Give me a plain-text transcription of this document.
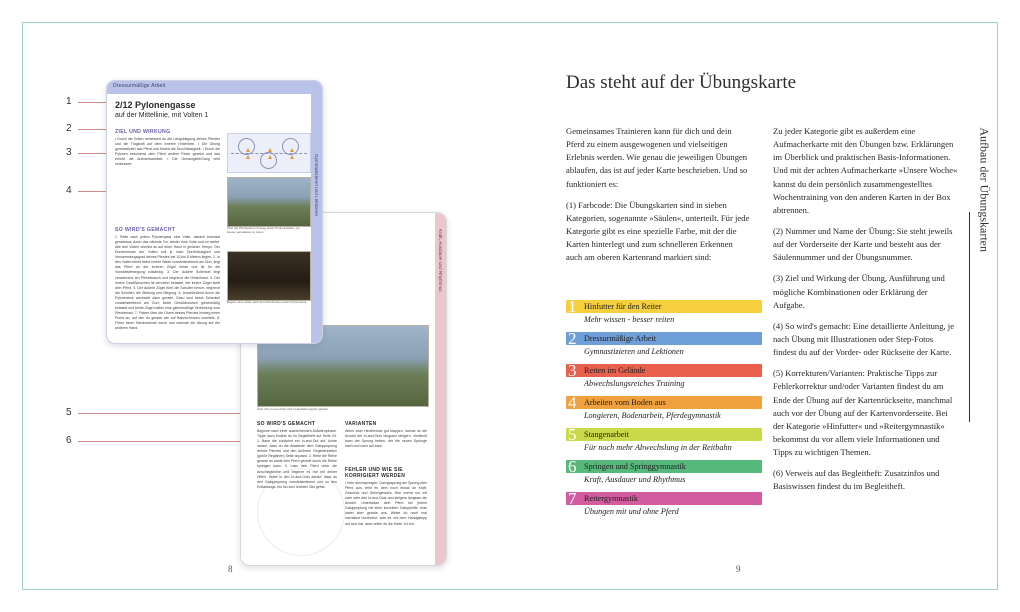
1
2
3
4
5
6
Kraft, Ausdauer und Rhythmus
Über den In-und-Outs wird im Entlastungssitz geritten.
SO WIRD'S GEMACHT
Beginne nach einer ausreichenden Aufwärmphase. Tippe dazu findest du im Begleitheft auf Seite 24. 1. Baue die zunächst ein In-and-Out auf. Achte darauf, dass du die Abstände dem Galoppsprung deines Pferdes und den äußeren Gegebenheiten (größe Reglänen) Seite anpasst. 2. Reite die Reihe gerade an damit dein Pferd gerade durch die Reihe springen kann. 3. Lass dein Pferd unter die Anschlagshöhe und beginne es nur mit deiner Hilfen. Setze in den In-and-Outs darauf, dass du den Galoppsprung vorwärtstreibend und so den Entlastungs- bis hin zum leichten Sitz gehst.
VARIANTEN
Wenn zwei Hindernisse gut klappen, kannst du die Anzahl der In-and-Outs langsam steigern. Vielleicht kann der Sprung heben, der die neuen Sprünge nach und nach auf baut.
FEHLER UND WIE SIE KORRIGIERT WERDEN
• Kein durchspringen: Galoppsprung am Sprung dein Pferd aus, fehlt es dem noch etwas an Kraft, Geschick und Gleichgewicht. Übe zuerst nur mit zwei oder drei In-and-Outs und steigere langsam die Anzahl. Unterstütze dein Pferd bei jedem Galoppsprung mit einer korrekten Galopphilfe, rede dabei aber gerade aus. Weise du noch mal nachlässt durchreist, was es mit dem Handgalopp auf sich hat, dann reiten du die Karte 1/4 ein.
Dressurmäßige Arbeit
Gymnastizieren und Lektionen
2/12 Pylonengasse
auf der Mittellinie, mit Volten 1
ZIEL UND WIRKUNG
• Durch die Volten verbessert du die Längsbiegung deines Pferdes und die Tragkraft auf dem inneren Hinterbein. • Die Übung gymnastiziert das Pferd und fördert die Durchlässigkeit. • Durch die Pylonen bekommst dein Pferd andere Reize gesetzt und das erhöht die Aufmerksamkeit. • Die Genauigkeit/Gang wird verbessert.
Über die Pferdeohren hinweg einen Punkt anfixiert, um besser geradeaus zu reiten.
Beginn einer Volte nach dem Durchreiten eines Pylonentors.
SO WIRD'S GEMACHT
1. Reite nach jedem Pylonenpaar eine Volte, danach bewusst geradeaus durch das nächste Tor, wieder eine Volte und so weiter. Alle drei Volten orientst du auf einer Hand in gleichen Tempo. Der Durchmesser der Volten soll je nach Durchlässigkeit und Versammlungsgrad deines Pferdes bei 10 bis 8 Metern liegen. 2. In den Volten bleibt deine innere Wade vorwärtstreibend am Gurt, liegt das Pferd an der inneren Zügel heran und ist für die Vorwärtsbewegung zuständig. 3. Der äußere Schenkel liegt verwahrend am Pferdebauch und begrenzt die Hinterhand. 4. Der innere Gesäßknochen ist vermehrt belastet, der innere Zügel stellt dein Pferd. 5. Der äußere Zügel führt die Schulter herum, begrenzt die Schulter, die Stellung und Biegung. 6. Anschließend durch die Pylonentore wechsele dann gerade. Dazu sind beide Schenkel vorwärtstreibend am Gurt, beide Gesäßknochen gleichmäßig belastet und beide Zügel halten eine gleichmäßige Verbindung zum Pferdemaul. 7. Fixiere über die Ohren deines Pferdes hinweg einen Punkt an, auf den du gerade wie auf Bahnschnuren zureitest. 8. Führe einen Handwechsel durch und wechsle die Übung auf der anderen Hand.
8
Das steht auf der Übungskarte

Gemeinsames Trainieren kann für dich und dein Pferd zu einem ausgewogenen und vielseitigen Erlebnis werden. Wie genau die jeweiligen Übungen ablaufen, das ist auf jeder Karte beschrieben. Und so funktioniert es:

(1) Farbcode: Die Übungskarten sind in sieben Kategorien, sogenannte »Säulen«, unterteilt. Für jede Kategorie gibt es eine spezielle Farbe, mit der die Karten hinterlegt und zum schnelleren Erkennen auch am oberen Kartenrand markiert sind:

Zu jeder Kategorie gibt es außerdem eine Aufmacherkarte mit den Übungen bzw. Erklärungen im Überblick und praktischen Basis-Informationen. Und mit der achten Aufmacherkarte »Unsere Woche« kannst du dein persönlich zusammengestelltes Wochentraining von den anderen Karten in der Box abtrennen.

(2) Nummer und Name der Übung: Sie steht jeweils auf der Vorderseite der Karte und besteht aus der Säulennummer und der Übungsnummer.

(3) Ziel und Wirkung der Übung, Ausführung und mögliche Kombinationen oder Erklärung der Aufgabe.

(4) So wird's gemacht: Eine detaillierte Anleitung, je nach Übung mit Illustrationen oder Step-Fotos findest du auf der Vorder- oder Rückseite der Karte.

(5) Korrekturen/Varianten: Praktische Tipps zur Fehlerkorrektur und/oder Varianten findest du am Ende der Übung auf der Kartenrückseite, manchmal auch vor der Übung auf der Kartenvorderseite. Bei der Kategorie »Hinfutter« und »Reitergymnastik« bekommst du vor allem viele Informationen und Tipps zu wichtigen Themen.

(6) Verweis auf das Begleitheft: Zusatzinfos und Basiswissen findest du im Begleitheft.

1 Hinfutter für den Reiter
Mehr wissen - besser reiten
2 Dressurmäßige Arbeit
Gymnastizieren und Lektionen
3 Reiten im Gelände
Abwechslungsreiches Training
4 Arbeiten vom Boden aus
Longieren, Bodenarbeit, Pferdegymnastik
5 Stangenarbeit
Für noch mehr Abwechslung in der Reitbahn
6 Springen und Springgymnastik
Kraft, Ausdauer und Rhythmus
7 Reitergymnastik
Übungen mit und ohne Pferd
Aufbau der Übungskarten
9
